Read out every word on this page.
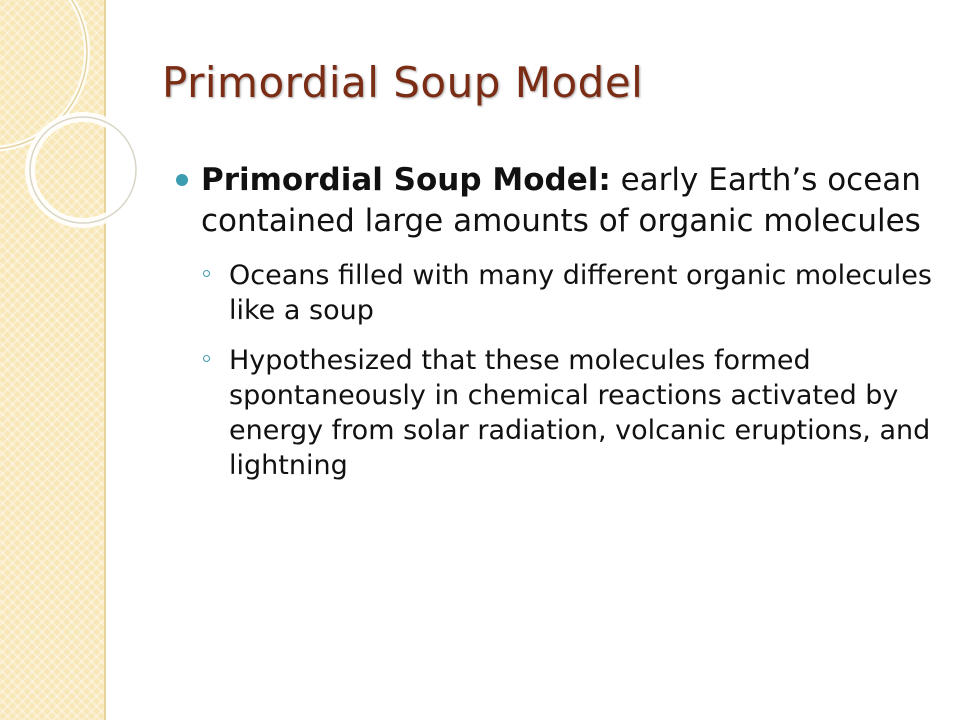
Primordial Soup Model
Primordial Soup Model: early Earth’s ocean contained large amounts of organic molecules
Oceans filled with many different organic molecules like a soup
Hypothesized that these molecules formed spontaneously in chemical reactions activated by energy from solar radiation, volcanic eruptions, and lightning
